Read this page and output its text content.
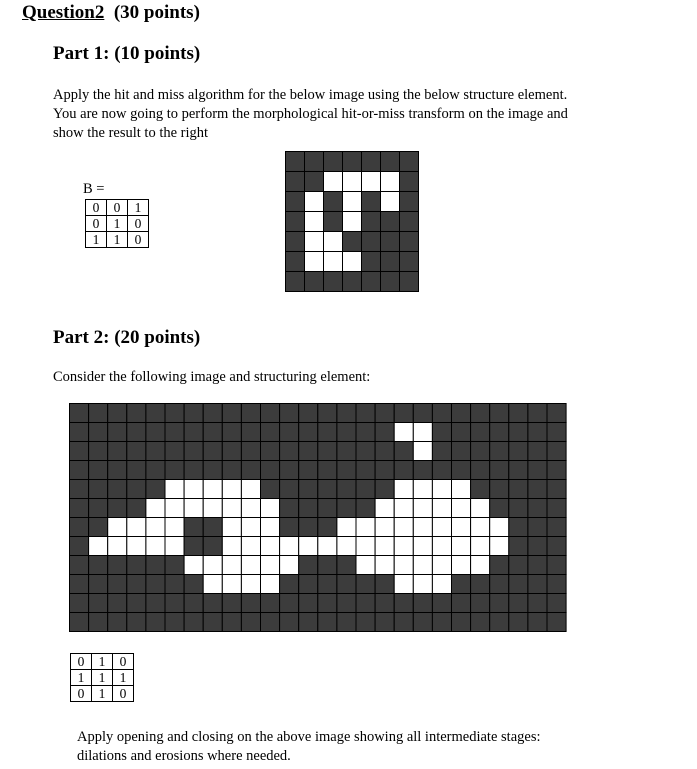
Question2 (30 points)
Part 1: (10 points)
Apply the hit and miss algorithm for the below image using the below structure element.
You are now going to perform the morphological hit-or-miss transform on the image and
show the result to the right
B =
0	0	1
0	1	0
1	1	0
Part 2: (20 points)
Consider the following image and structuring element:
0	1	0
1	1	1
0	1	0
Apply opening and closing on the above image showing all intermediate stages:
dilations and erosions where needed.
